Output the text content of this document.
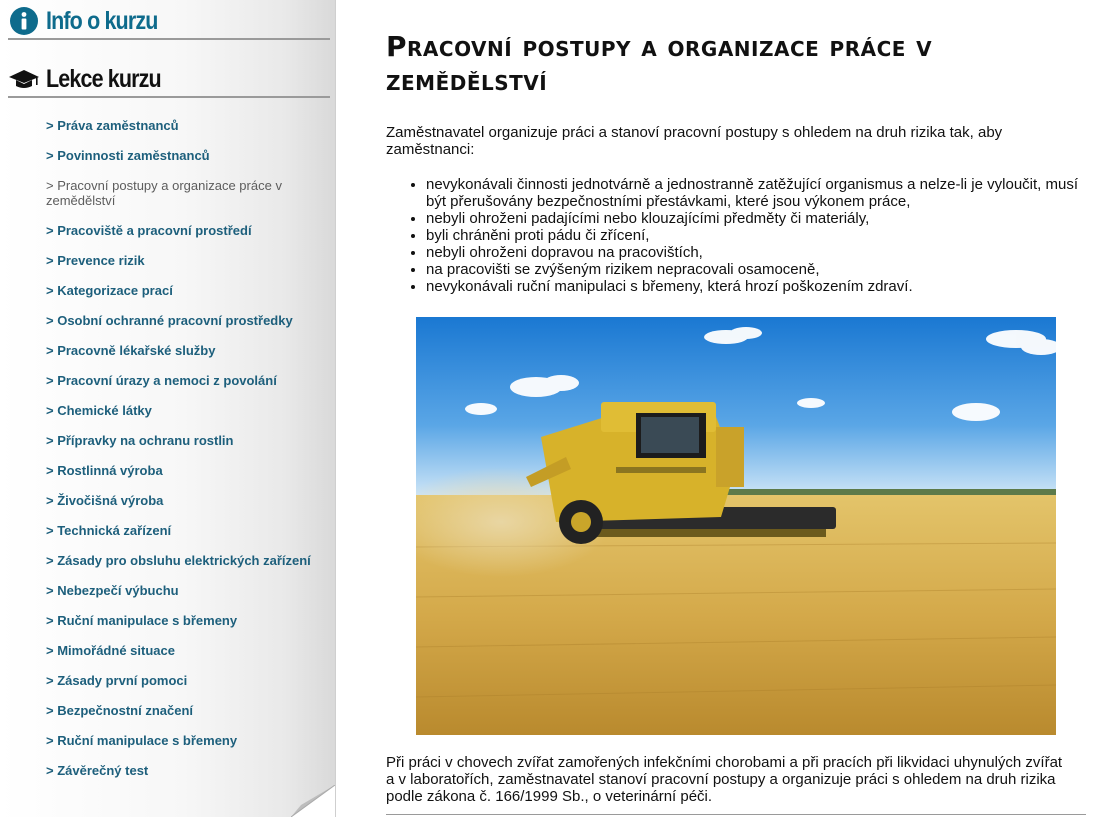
Info o kurzu
Lekce kurzu
> Práva zaměstnanců
> Povinnosti zaměstnanců
> Pracovní postupy a organizace práce v zemědělství
> Pracoviště a pracovní prostředí
> Prevence rizik
> Kategorizace prací
> Osobní ochranné pracovní prostředky
> Pracovně lékařské služby
> Pracovní úrazy a nemoci z povolání
> Chemické látky
> Přípravky na ochranu rostlin
> Rostlinná výroba
> Živočišná výroba
> Technická zařízení
> Zásady pro obsluhu elektrických zařízení
> Nebezpečí výbuchu
> Ruční manipulace s břemeny
> Mimořádné situace
> Zásady první pomoci
> Bezpečnostní značení
> Ruční manipulace s břemeny
> Závěrečný test
Pracovní postupy a organizace práce v zemědělství

Zaměstnavatel organizuje práci a stanoví pracovní postupy s ohledem na druh rizika tak, aby zaměstnanci:

• nevykonávali činnosti jednotvárně a jednostranně zatěžující organismus a nelze-li je vyloučit, musí být přerušovány bezpečnostními přestávkami, které jsou výkonem práce,
• nebyli ohroženi padajícími nebo klouzajícími předměty či materiály,
• byli chráněni proti pádu či zřícení,
• nebyli ohroženi dopravou na pracovištích,
• na pracovišti se zvýšeným rizikem nepracovali osamoceně,
• nevykonávali ruční manipulaci s břemeny, která hrozí poškozením zdraví.

Při práci v chovech zvířat zamořených infekčními chorobami a při pracích při likvidaci uhynulých zvířat a v laboratořích, zaměstnavatel stanoví pracovní postupy a organizuje práci s ohledem na druh rizika podle zákona č. 166/1999 Sb., o veterinární péči.
